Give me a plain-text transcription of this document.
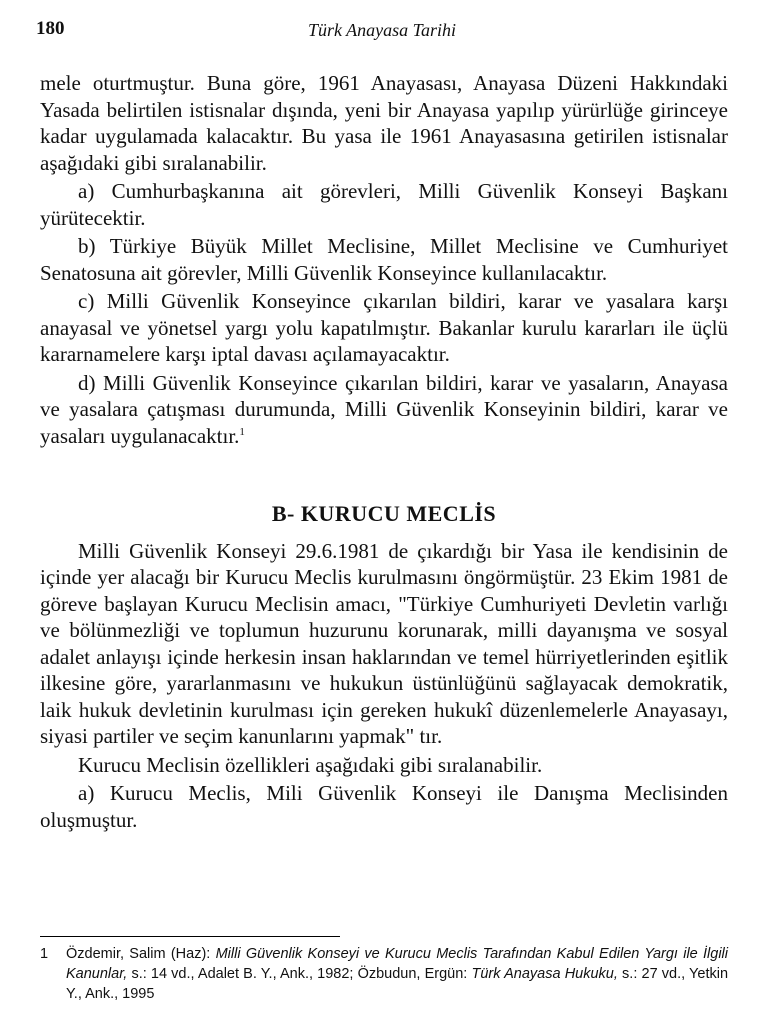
180	Türk Anayasa Tarihi

mele oturtmuştur. Buna göre, 1961 Anayasası, Anayasa Düzeni Hakkındaki Yasada belirtilen istisnalar dışında, yeni bir Anayasa yapılıp yürürlüğe girinceye kadar uygulamada kalacaktır. Bu yasa ile 1961 Anayasasına getirilen istisnalar aşağıdaki gibi sıralanabilir.

a) Cumhurbaşkanına ait görevleri, Milli Güvenlik Konseyi Başkanı yürütecektir.

b) Türkiye Büyük Millet Meclisine, Millet Meclisine ve Cumhuriyet Senatosuna ait görevler, Milli Güvenlik Konseyince kullanılacaktır.

c) Milli Güvenlik Konseyince çıkarılan bildiri, karar ve yasalara karşı anayasal ve yönetsel yargı yolu kapatılmıştır. Bakanlar kurulu kararları ile üçlü kararnamelere karşı iptal davası açılamayacaktır.

d) Milli Güvenlik Konseyince çıkarılan bildiri, karar ve yasaların, Anayasa ve yasalara çatışması durumunda, Milli Güvenlik Konseyinin bildiri, karar ve yasaları uygulanacaktır.$^1$

B- KURUCU MECLİS

Milli Güvenlik Konseyi 29.6.1981 de çıkardığı bir Yasa ile kendisinin de içinde yer alacağı bir Kurucu Meclis kurulmasını öngörmüştür. 23 Ekim 1981 de göreve başlayan Kurucu Meclisin amacı, "Türkiye Cumhuriyeti Devletin varlığı ve bölünmezliği ve toplumun huzurunu korunarak, milli dayanışma ve sosyal adalet anlayışı içinde herkesin insan haklarından ve temel hürriyetlerinden eşitlik ilkesine göre, yararlanmasını ve hukukun üstünlüğünü sağlayacak demokratik, laik hukuk devletinin kurulması için gereken hukukî düzenlemelerle Anayasayı, siyasi partiler ve seçim kanunlarını yapmak" tır.

Kurucu Meclisin özellikleri aşağıdaki gibi sıralanabilir.

a) Kurucu Meclis, Mili Güvenlik Konseyi ile Danışma Meclisinden oluşmuştur.

1 Özdemir, Salim (Haz): Milli Güvenlik Konseyi ve Kurucu Meclis Tarafından Kabul Edilen Yargı ile İlgili Kanunlar, s.: 14 vd., Adalet B. Y., Ank., 1982; Özbudun, Ergün: Türk Anayasa Hukuku, s.: 27 vd., Yetkin Y., Ank., 1995
